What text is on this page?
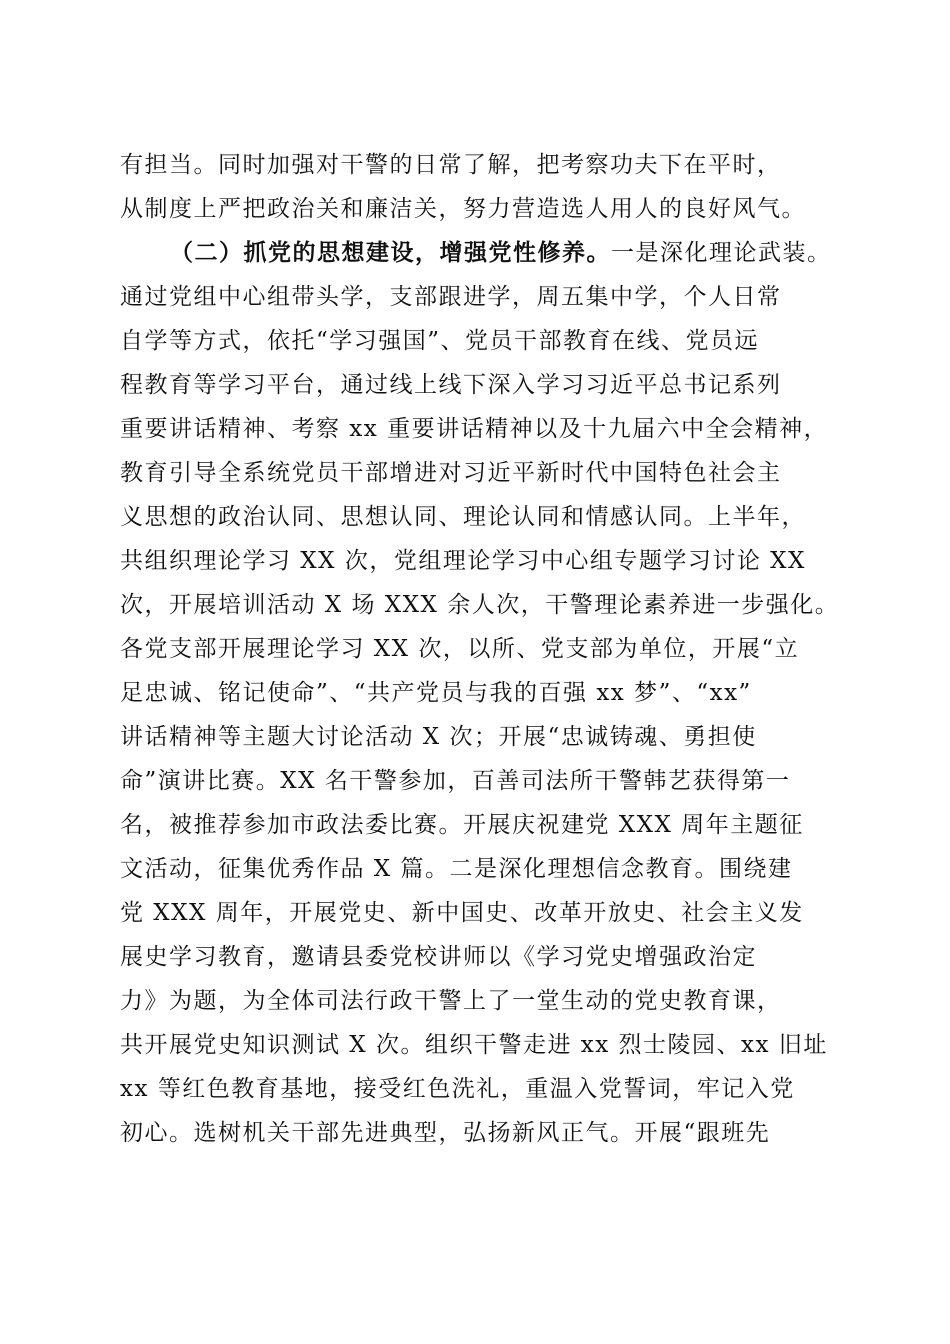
有担当。同时加强对干警的日常了解，把考察功夫下在平时，
从制度上严把政治关和廉洁关，努力营造选人用人的良好风气。
（二）抓党的思想建设，增强党性修养。一是深化理论武装。
通过党组中心组带头学，支部跟进学，周五集中学，个人日常
自学等方式，依托“学习强国”、党员干部教育在线、党员远
程教育等学习平台，通过线上线下深入学习习近平总书记系列
重要讲话精神、考察 xx 重要讲话精神以及十九届六中全会精神，
教育引导全系统党员干部增进对习近平新时代中国特色社会主
义思想的政治认同、思想认同、理论认同和情感认同。上半年，
共组织理论学习 XX 次，党组理论学习中心组专题学习讨论 XX
次，开展培训活动 X 场 XXX 余人次，干警理论素养进一步强化。
各党支部开展理论学习 XX 次，以所、党支部为单位，开展“立
足忠诚、铭记使命”、“共产党员与我的百强 xx 梦”、“xx”
讲话精神等主题大讨论活动 X 次；开展“忠诚铸魂、勇担使
命”演讲比赛。XX 名干警参加，百善司法所干警韩艺获得第一
名，被推荐参加市政法委比赛。开展庆祝建党 XXX 周年主题征
文活动，征集优秀作品 X 篇。二是深化理想信念教育。围绕建
党 XXX 周年，开展党史、新中国史、改革开放史、社会主义发
展史学习教育，邀请县委党校讲师以《学习党史增强政治定
力》为题，为全体司法行政干警上了一堂生动的党史教育课，
共开展党史知识测试 X 次。组织干警走进 xx 烈士陵园、xx 旧址
xx 等红色教育基地，接受红色洗礼，重温入党誓词，牢记入党
初心。选树机关干部先进典型，弘扬新风正气。开展“跟班先
